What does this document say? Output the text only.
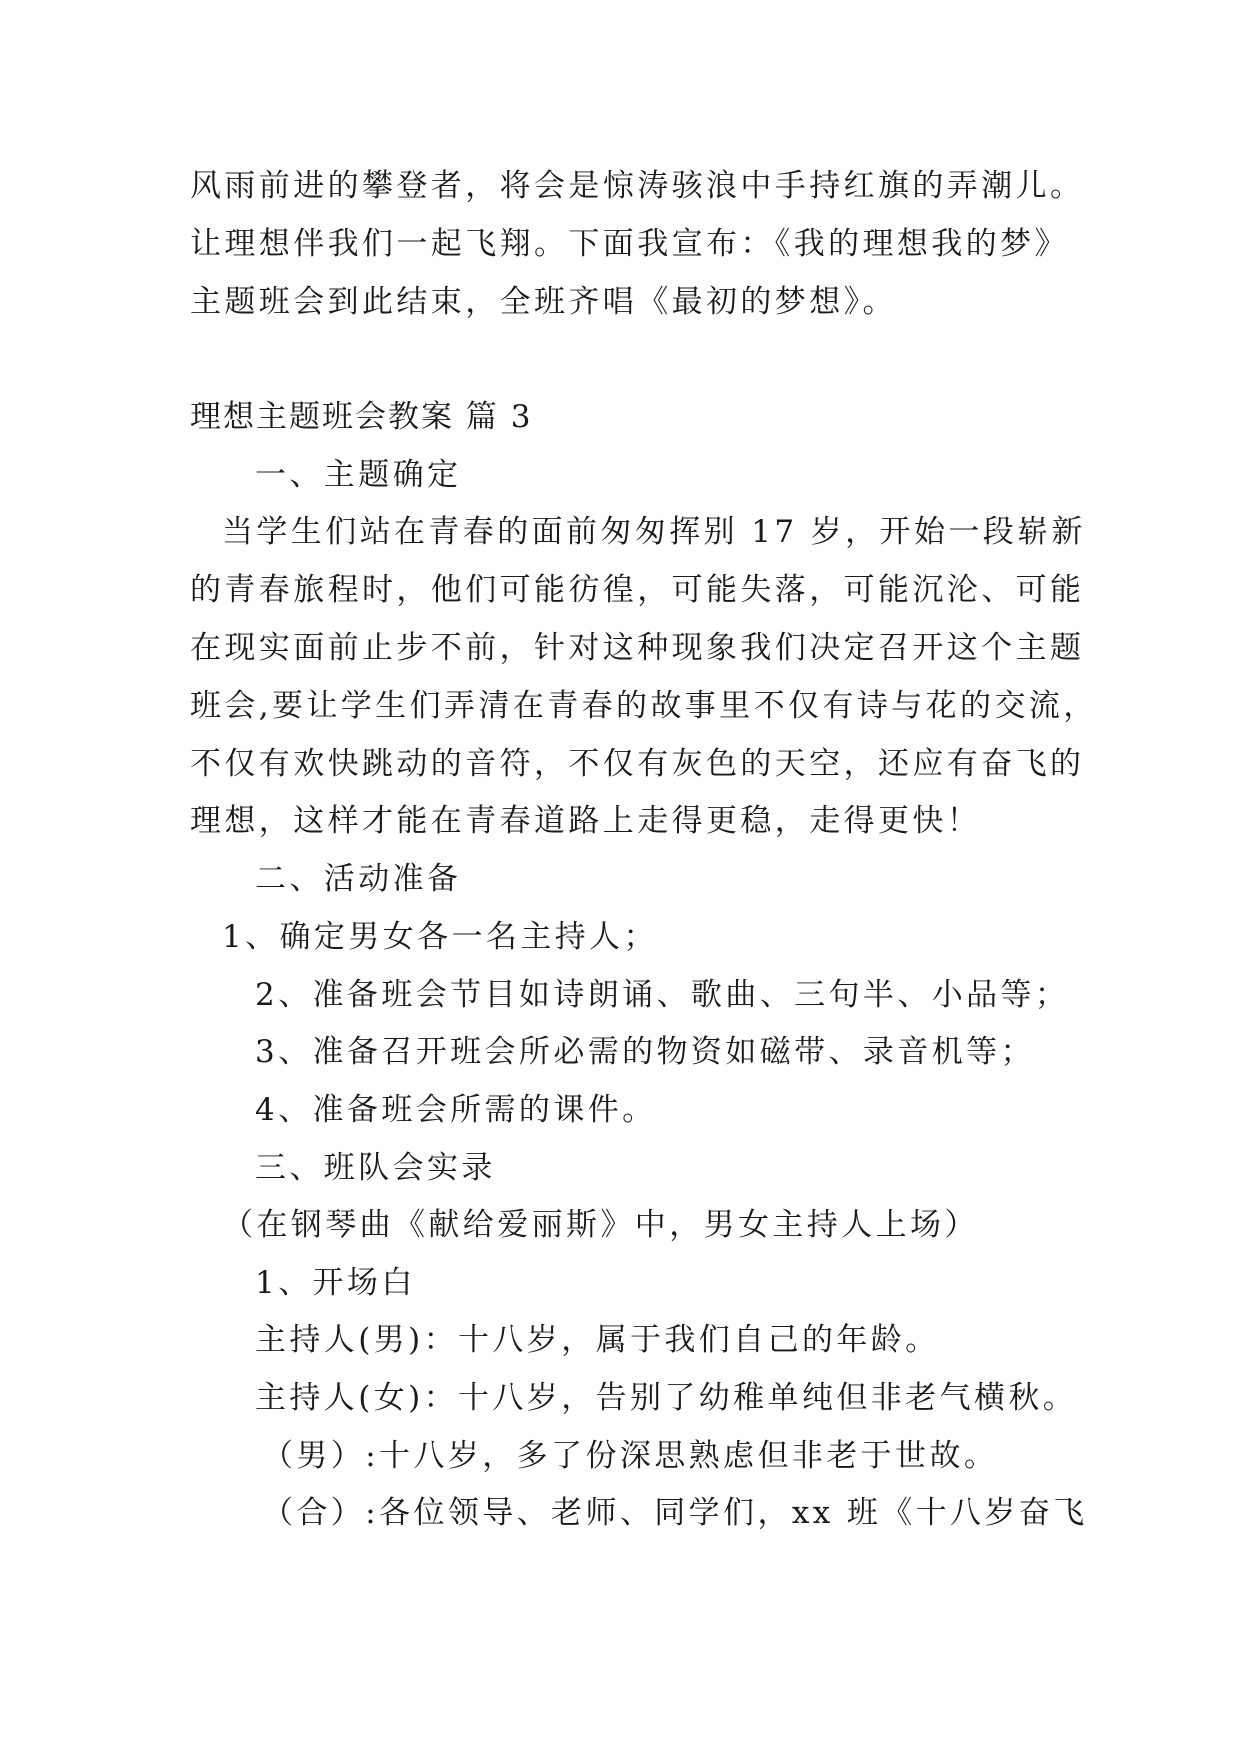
风雨前进的攀登者，将会是惊涛骇浪中手持红旗的弄潮儿。

让理想伴我们一起飞翔。下面我宣布：《我的理想我的梦》

主题班会到此结束，全班齐唱《最初的梦想》。

理想主题班会教案 篇 3

一、主题确定

当学生们站在青春的面前匆匆挥别 17 岁，开始一段崭新

的青春旅程时，他们可能彷徨，可能失落，可能沉沦、可能

在现实面前止步不前，针对这种现象我们决定召开这个主题

班会,要让学生们弄清在青春的故事里不仅有诗与花的交流，

不仅有欢快跳动的音符，不仅有灰色的天空，还应有奋飞的

理想，这样才能在青春道路上走得更稳，走得更快！

二、活动准备

1、确定男女各一名主持人；

2、准备班会节目如诗朗诵、歌曲、三句半、小品等；

3、准备召开班会所必需的物资如磁带、录音机等；

4、准备班会所需的课件。

三、班队会实录

（在钢琴曲《献给爱丽斯》中，男女主持人上场）

1、开场白

主持人(男)：十八岁，属于我们自己的年龄。

主持人(女)：十八岁，告别了幼稚单纯但非老气横秋。

（男）:十八岁，多了份深思熟虑但非老于世故。

（合）:各位领导、老师、同学们，xx 班《十八岁奋飞
